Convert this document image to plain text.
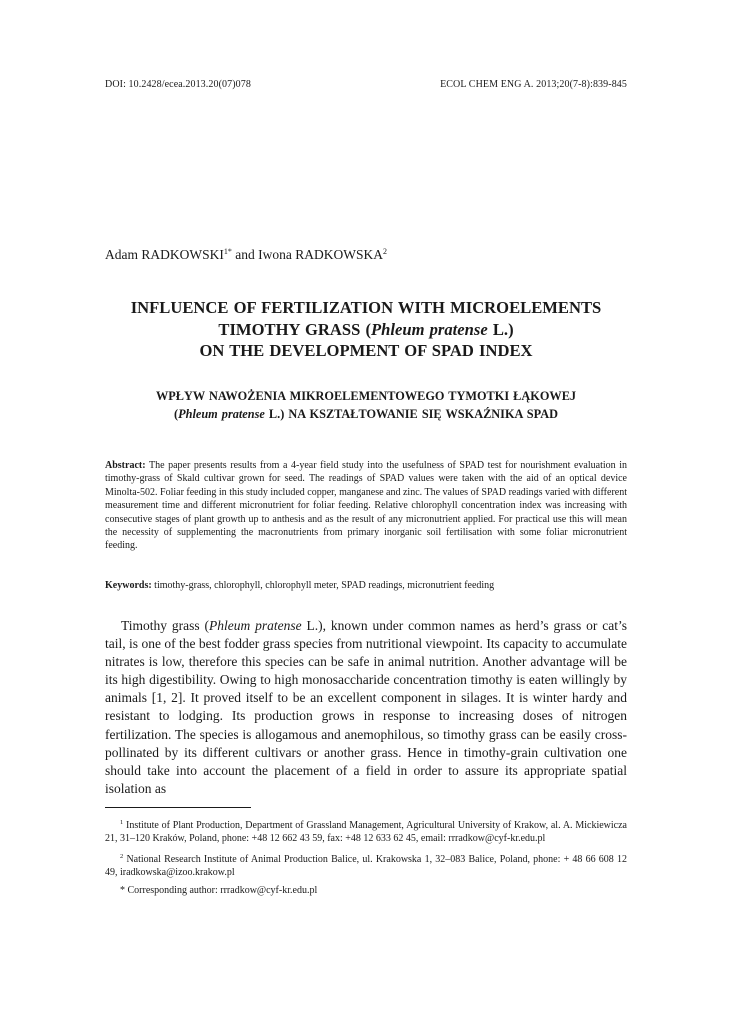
DOI: 10.2428/ecea.2013.20(07)078	ECOL CHEM ENG A. 2013;20(7-8):839-845
Adam $RADKOWSKI^{1*}$ and Iwona RADKOWSKA$^2$
INFLUENCE OF FERTILIZATION WITH MICROELEMENTS
TIMOTHY GRASS (Phleum pratense L.)
ON THE DEVELOPMENT OF SPAD INDEX
WPŁYW NAWOŻENIA MIKROELEMENTOWEGO TYMOTKI ŁĄKOWEJ
(Phleum pratense L.) NA KSZTAŁTOWANIE SIĘ WSKAŹNIKA SPAD

Abstract: The paper presents results from a 4-year field study into the usefulness of SPAD test for nourishment evaluation in timothy-grass of Skald cultivar grown for seed. The readings of SPAD values were taken with the aid of an optical device Minolta-502. Foliar feeding in this study included copper, manganese and zinc. The values of SPAD readings varied with different measurement time and different micronutrient for foliar feeding. Relative chlorophyll concentration index was increasing with consecutive stages of plant growth up to anthesis and as the result of any micronutrient applied. For practical use this will mean the necessity of supplementing the macronutrients from primary inorganic soil fertilisation with some foliar micronutrient feeding.

Keywords: timothy-grass, chlorophyll, chlorophyll meter, SPAD readings, micronutrient feeding

Timothy grass (Phleum pratense L.), known under common names as herd’s grass or cat’s tail, is one of the best fodder grass species from nutritional viewpoint. Its capacity to accumulate nitrates is low, therefore this species can be safe in animal nutrition. Another advantage will be its high digestibility. Owing to high monosaccharide concentration timothy is eaten willingly by animals [1, 2]. It proved itself to be an excellent component in silages. It is winter hardy and resistant to lodging. Its production grows in response to increasing doses of nitrogen fertilization. The species is allogamous and anemophilous, so timothy grass can be easily cross-pollinated by its different cultivars or another grass. Hence in timothy-grain cultivation one should take into account the placement of a field in order to assure its appropriate spatial isolation as

$^1$ Institute of Plant Production, Department of Grassland Management, Agricultural University of Krakow, al. A. Mickiewicza 21, 31–120 Kraków, Poland, phone: +48 12 662 43 59, fax: +48 12 633 62 45, email: rrradkow@cyf-kr.edu.pl

$^2$ National Research Institute of Animal Production Balice, ul. Krakowska 1, 32–083 Balice, Poland, phone: + 48 66 608 12 49, iradkowska@izoo.krakow.pl

* Corresponding author: rrradkow@cyf-kr.edu.pl
